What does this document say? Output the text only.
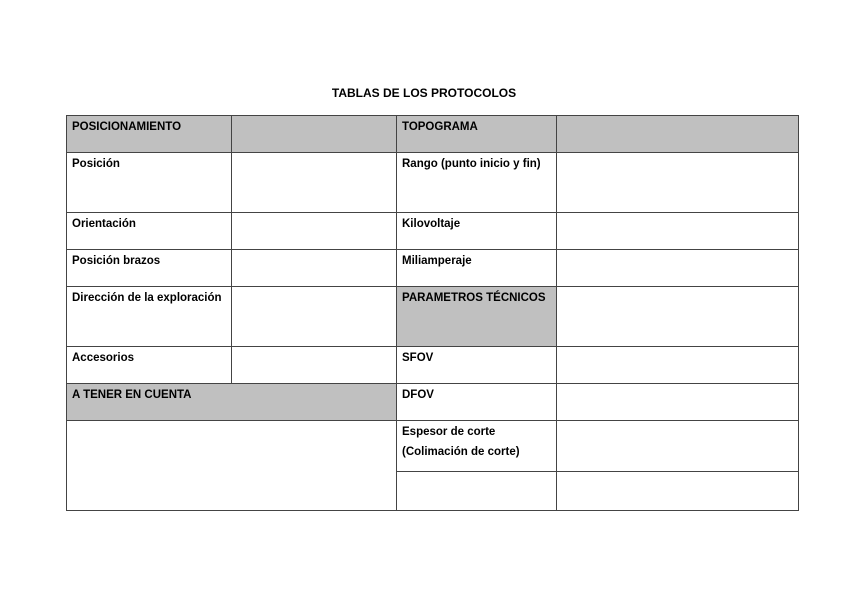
TABLAS DE LOS PROTOCOLOS
POSICIONAMIENTO
Posición
Orientación
Posición brazos
Dirección de la exploración
Accesorios
A TENER EN CUENTA
TOPOGRAMA
Rango (punto inicio y fin)
Kilovoltaje
Miliamperaje
PARAMETROS TÉCNICOS
SFOV
DFOV
Espesor de corte (Colimación de corte)
